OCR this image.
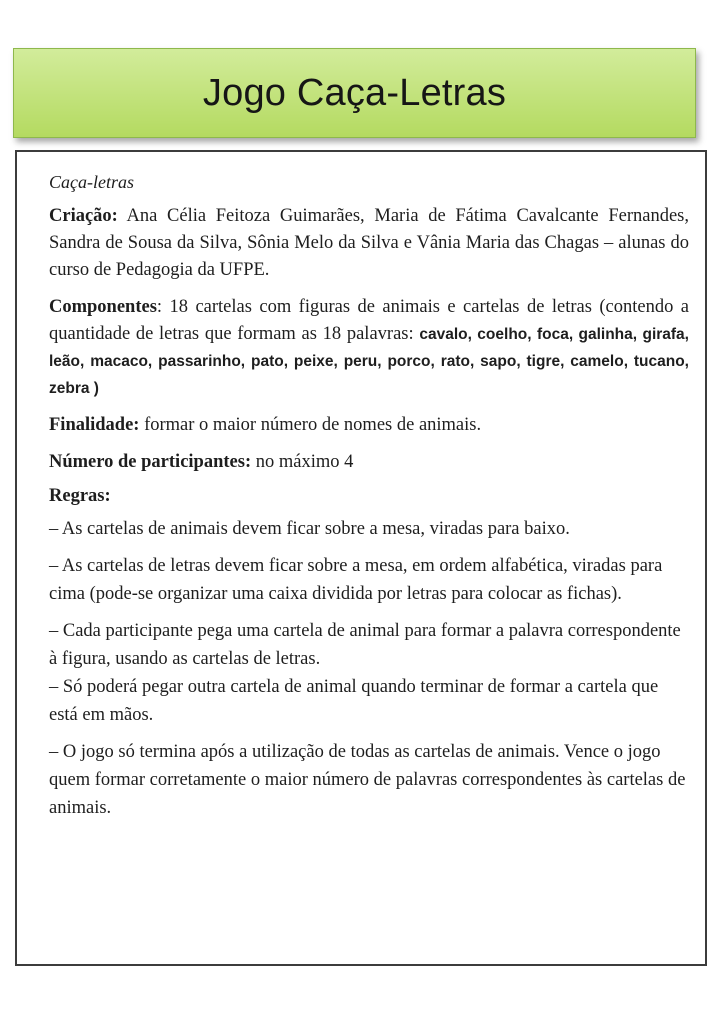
Jogo Caça-Letras
Caça-letras
Criação: Ana Célia Feitoza Guimarães, Maria de Fátima Cavalcante Fernandes, Sandra de Sousa da Silva, Sônia Melo da Silva e Vânia Maria das Chagas – alunas do curso de Pedagogia da UFPE.
Componentes: 18 cartelas com figuras de animais e cartelas de letras (contendo a quantidade de letras que formam as 18 palavras: cavalo, coelho, foca, galinha, girafa, leão, macaco, passarinho, pato, peixe, peru, porco, rato, sapo, tigre, camelo, tucano, zebra )
Finalidade: formar o maior número de nomes de animais.
Número de participantes: no máximo 4
Regras:
– As cartelas de animais devem ficar sobre a mesa, viradas para baixo.
– As cartelas de letras devem ficar sobre a mesa, em ordem alfabética, viradas para cima (pode-se organizar uma caixa dividida por letras para colocar as fichas).
– Cada participante pega uma cartela de animal para formar a palavra correspondente à figura, usando as cartelas de letras.
– Só poderá pegar outra cartela de animal quando terminar de formar a cartela que está em mãos.
– O jogo só termina após a utilização de todas as cartelas de animais. Vence o jogo quem formar corretamente o maior número de palavras correspondentes às cartelas de animais.
